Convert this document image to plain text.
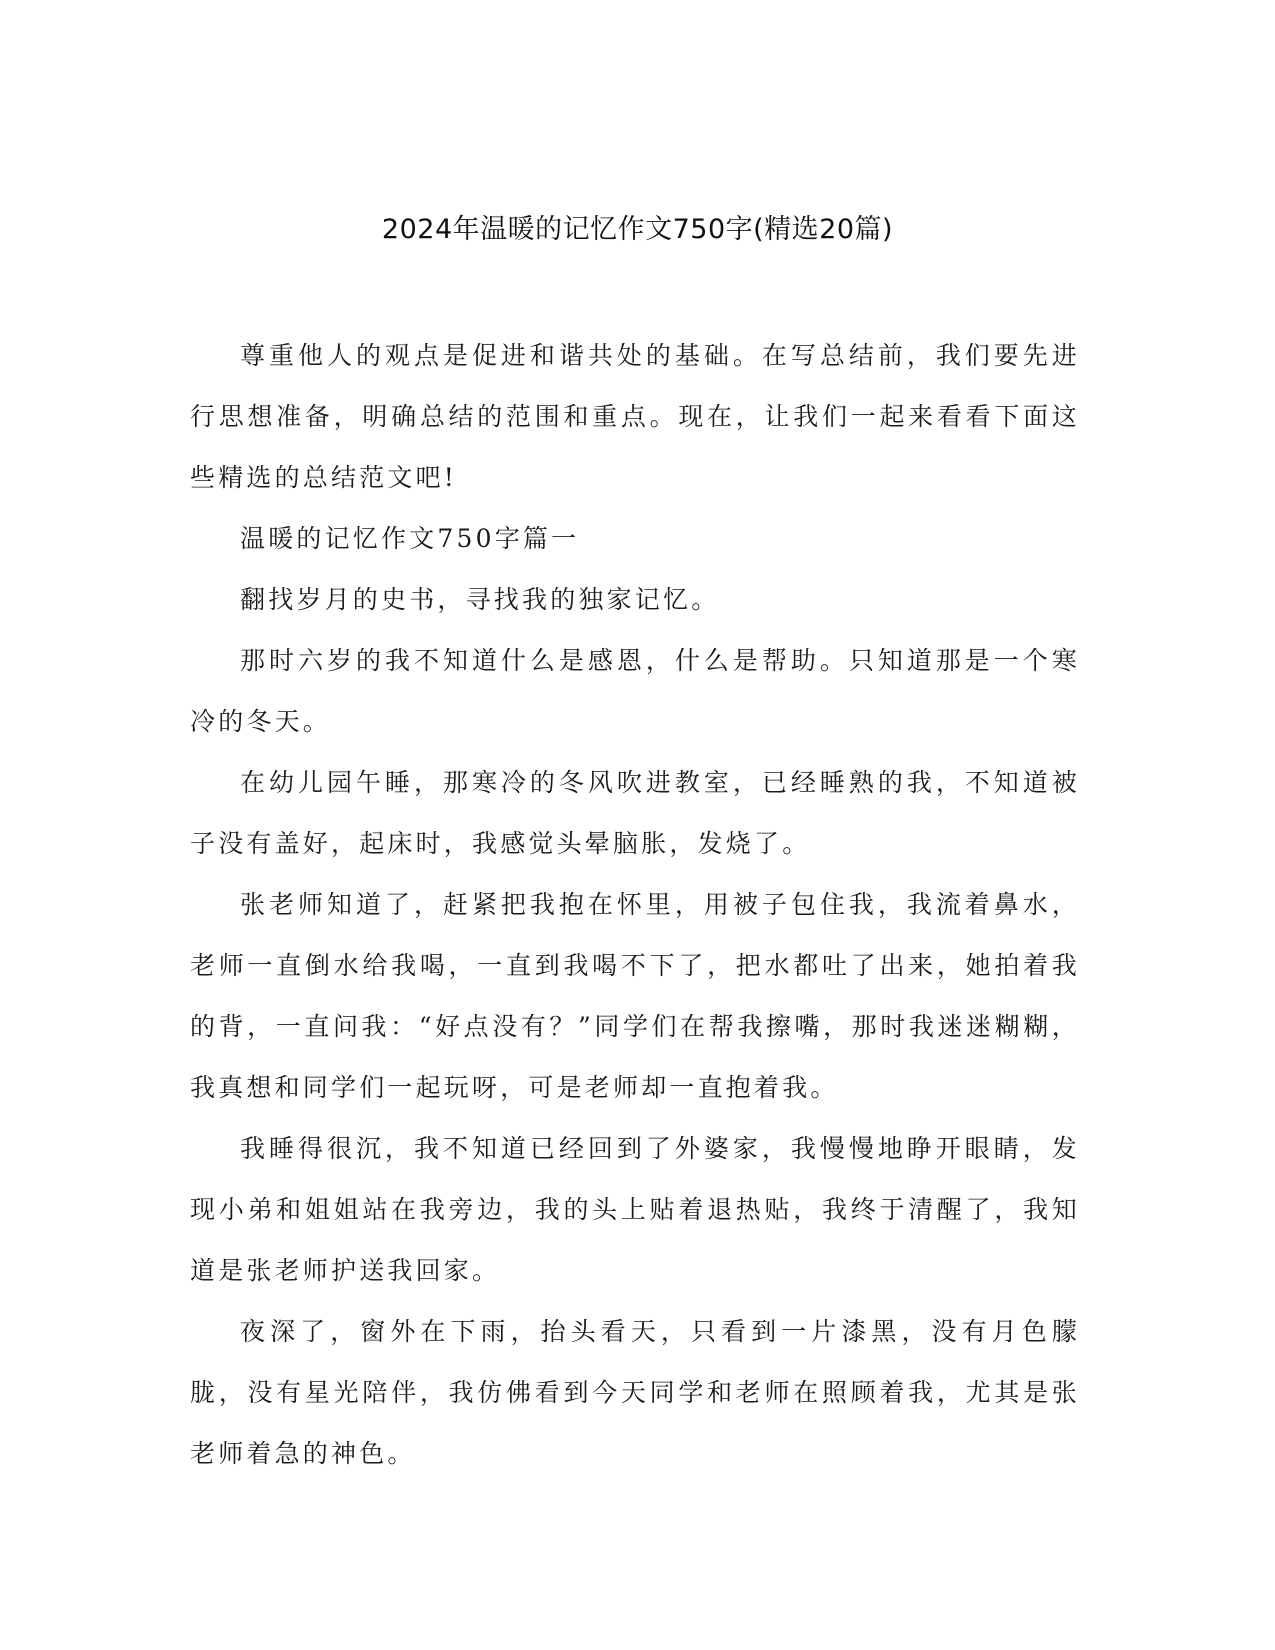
2024年温暖的记忆作文750字(精选20篇)

尊重他人的观点是促进和谐共处的基础。在写总结前，我们要先进行思想准备，明确总结的范围和重点。现在，让我们一起来看看下面这些精选的总结范文吧!

温暖的记忆作文750字篇一

翻找岁月的史书，寻找我的独家记忆。

那时六岁的我不知道什么是感恩，什么是帮助。只知道那是一个寒冷的冬天。

在幼儿园午睡，那寒冷的冬风吹进教室，已经睡熟的我，不知道被子没有盖好，起床时，我感觉头晕脑胀，发烧了。

张老师知道了，赶紧把我抱在怀里，用被子包住我，我流着鼻水，老师一直倒水给我喝，一直到我喝不下了，把水都吐了出来，她拍着我的背，一直问我：“好点没有？”同学们在帮我擦嘴，那时我迷迷糊糊，我真想和同学们一起玩呀，可是老师却一直抱着我。

我睡得很沉，我不知道已经回到了外婆家，我慢慢地睁开眼睛，发现小弟和姐姐站在我旁边，我的头上贴着退热贴，我终于清醒了，我知道是张老师护送我回家。

夜深了，窗外在下雨，抬头看天，只看到一片漆黑，没有月色朦胧，没有星光陪伴，我仿佛看到今天同学和老师在照顾着我，尤其是张老师着急的神色。
